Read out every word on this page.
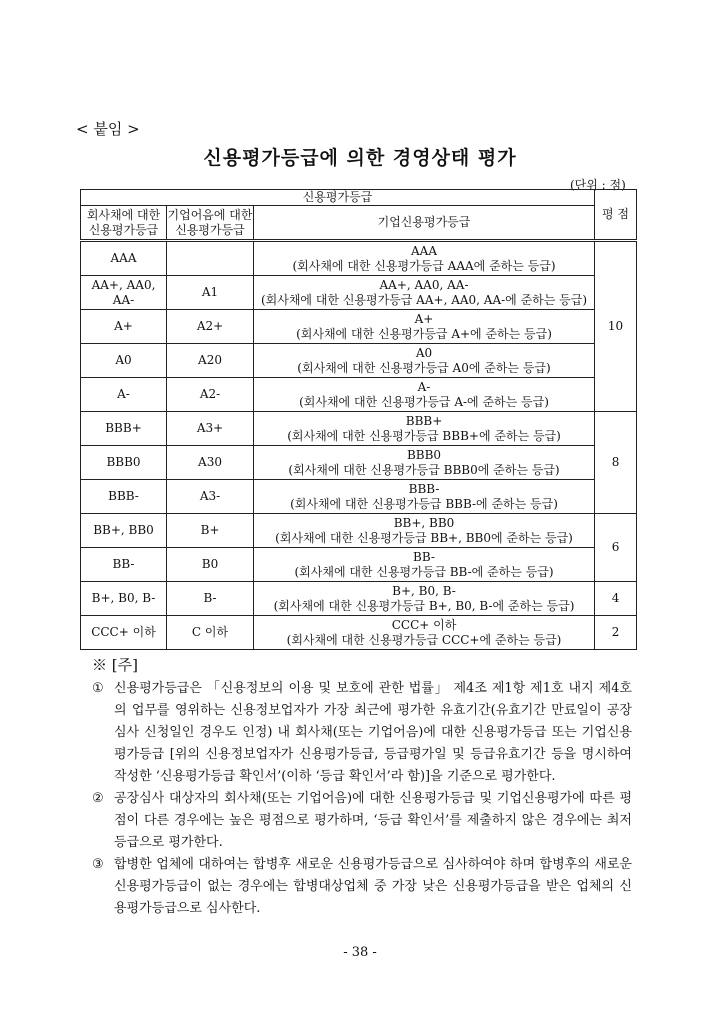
< 붙임 >
신용평가등급에 의한 경영상태 평가
(단위 : 점)
신용평가등급			평 점
회사채에 대한 신용평가등급	기업어음에 대한 신용평가등급	기업신용평가등급	
AAA		AAA
(회사채에 대한 신용평가등급 AAA에 준하는 등급)	10
AA+, AA0, AA-	A1	AA+, AA0, AA-
(회사채에 대한 신용평가등급 AA+, AA0, AA-에 준하는 등급)	

A+	A2+	A+
(회사채에 대한 신용평가등급 A+에 준하는 등급)	

A0	A20	A0
(회사채에 대한 신용평가등급 A0에 준하는 등급)	

A-	A2-	A-
(회사채에 대한 신용평가등급 A-에 준하는 등급)	

BBB+	A3+	BBB+
(회사채에 대한 신용평가등급 BBB+에 준하는 등급)	8
BBB0	A30	BBB0
(회사채에 대한 신용평가등급 BBB0에 준하는 등급)	

BBB-	A3-	BBB-
(회사채에 대한 신용평가등급 BBB-에 준하는 등급)	

BB+, BB0	B+	BB+, BB0
(회사채에 대한 신용평가등급 BB+, BB0에 준하는 등급)	6
BB-	B0	BB-
(회사채에 대한 신용평가등급 BB-에 준하는 등급)	

B+, B0, B-	B-	B+, B0, B-
(회사채에 대한 신용평가등급 B+, B0, B-에 준하는 등급)	4
CCC+ 이하	C 이하	CCC+ 이하
(회사채에 대한 신용평가등급 CCC+에 준하는 등급)	2
※ [주]
① 신용평가등급은 「신용정보의 이용 및 보호에 관한 법률」 제4조 제1항 제1호 내지 제4호의 업무를 영위하는 신용정보업자가 가장 최근에 평가한 유효기간(유효기간 만료일이 공장심사 신청일인 경우도 인정) 내 회사채(또는 기업어음)에 대한 신용평가등급 또는 기업신용평가등급 [위의 신용정보업자가 신용평가등급, 등급평가일 및 등급유효기간 등을 명시하여 작성한 ‘신용평가등급 확인서’(이하 ‘등급 확인서’라 함)]을 기준으로 평가한다.
② 공장심사 대상자의 회사채(또는 기업어음)에 대한 신용평가등급 및 기업신용평가에 따른 평점이 다른 경우에는 높은 평점으로 평가하며, ‘등급 확인서’를 제출하지 않은 경우에는 최저등급으로 평가한다.
③ 합병한 업체에 대하여는 합병후 새로운 신용평가등급으로 심사하여야 하며 합병후의 새로운 신용평가등급이 없는 경우에는 합병대상업체 중 가장 낮은 신용평가등급을 받은 업체의 신용평가등급으로 심사한다.
- 38 -
